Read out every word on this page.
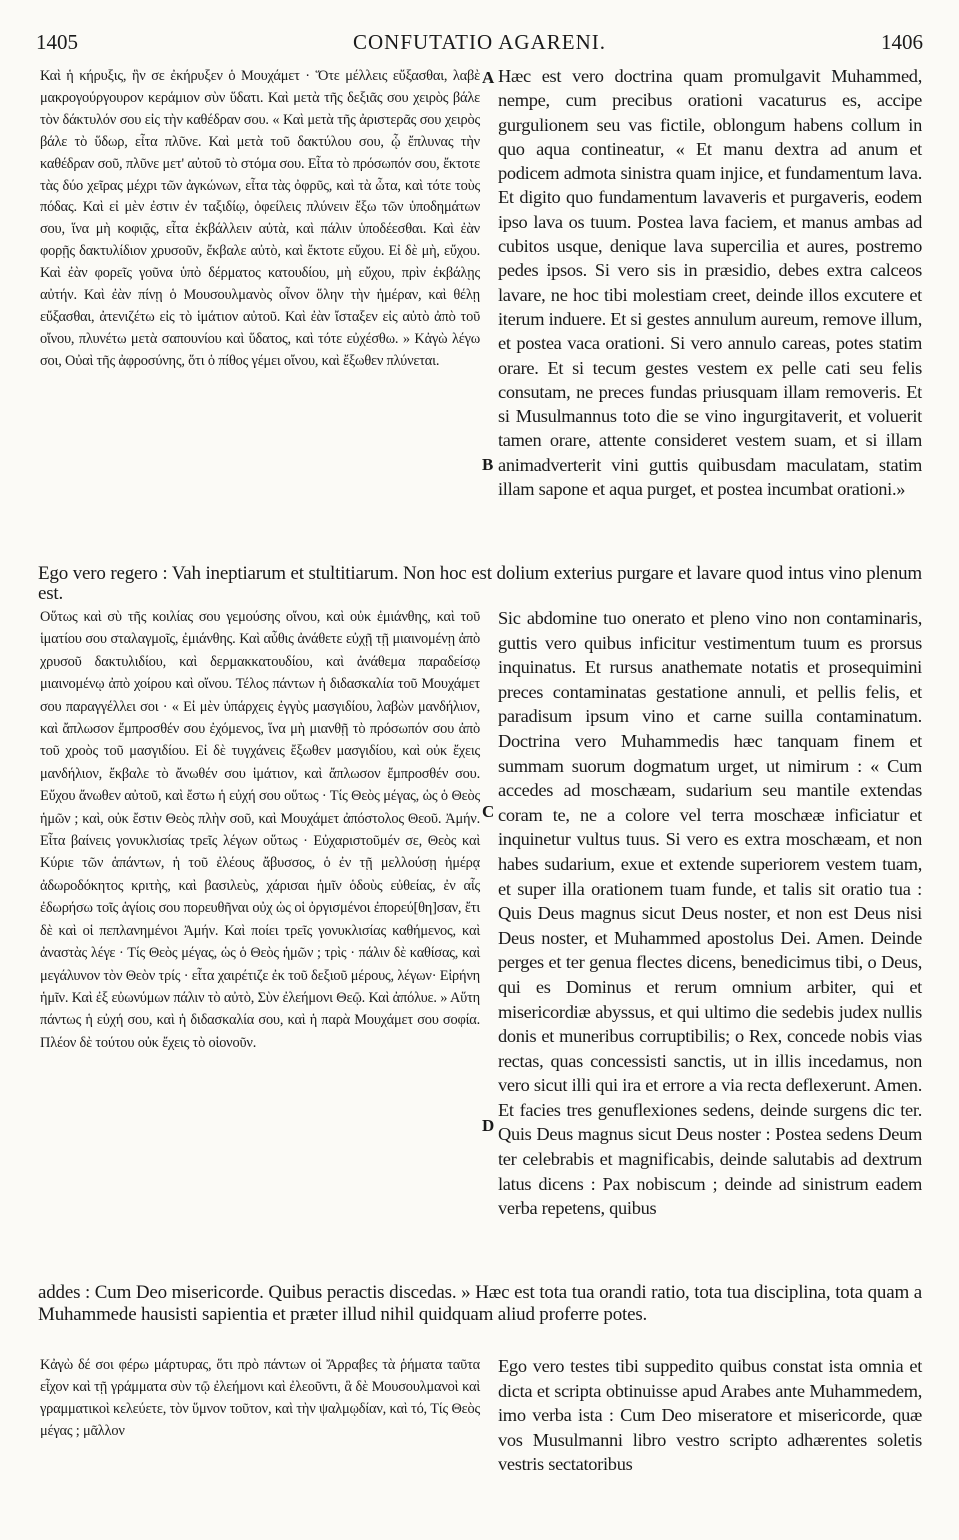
1405	CONFUTATIO AGARENI.	1406
A
B
C
D
Καὶ ἡ κήρυξις, ἣν σε ἐκήρυξεν ὁ Μουχάμετ · Ὅτε μέλλεις εὔξασθαι, λαβὲ μακρογούργουρον κεράμιον σὺν ὕδατι. Καὶ μετὰ τῆς δεξιᾶς σου χειρὸς βάλε τὸν δάκτυλόν σου εἰς τὴν καθέδραν σου. « Καὶ μετὰ τῆς ἀριστερᾶς σου χειρὸς βάλε τὸ ὕδωρ, εἶτα πλῦνε. Καὶ μετὰ τοῦ δακτύλου σου, ᾧ ἔπλυνας τὴν καθέδραν σοῦ, πλῦνε μετ' αὐτοῦ τὸ στόμα σου. Εἶτα τὸ πρόσωπόν σου, ἔκτοτε τὰς δύο χεῖρας μέχρι τῶν ἀγκώνων, εἶτα τὰς ὀφρῦς, καὶ τὰ ὦτα, καὶ τότε τοὺς πόδας. Καὶ εἰ μὲν ἐστιν ἐν ταξιδίῳ, ὀφείλεις πλύνειν ἔξω τῶν ὑποδημάτων σου, ἵνα μὴ κοφιᾷς, εἶτα ἐκβάλλειν αὐτὰ, καὶ πάλιν ὑποδέεσθαι. Καὶ ἐὰν φορῇς δακτυλίδιον χρυσοῦν, ἔκβαλε αὐτὸ, καὶ ἔκτοτε εὔχου. Εἰ δὲ μὴ, εὔχου. Καὶ ἐὰν φορεῖς γοῦνα ὑπὸ δέρματος κατουδίου, μὴ εὔχου, πρὶν ἐκβάλῃς αὐτήν. Καὶ ἐὰν πίνῃ ὁ Μουσουλμανὸς οἶνον ὅλην τὴν ἡμέραν, καὶ θέλῃ εὔξασθαι, ἀτενιζέτω εἰς τὸ ἱμάτιον αὐτοῦ. Καὶ ἐὰν ἴσταξεν εἰς αὐτὸ ἀπὸ τοῦ οἴνου, πλυνέτω μετὰ σαπουνίου καὶ ὕδατος, καὶ τότε εὐχέσθω. » Κἀγὼ λέγω σοι, Οὐαὶ τῆς ἀφροσύνης, ὅτι ὁ πίθος γέμει οἴνου, καὶ ἔξωθεν πλύνεται.
Hæc est vero doctrina quam promulgavit Muhammed, nempe, cum precibus orationi vacaturus es, accipe gurgulionem seu vas fictile, oblongum habens collum in quo aqua contineatur, « Et manu dextra ad anum et podicem admota sinistra quam injice, et fundamentum lava. Et digito quo fundamentum lavaveris et purgaveris, eodem ipso lava os tuum. Postea lava faciem, et manus ambas ad cubitos usque, denique lava supercilia et aures, postremo pedes ipsos. Si vero sis in præsidio, debes extra calceos lavare, ne hoc tibi molestiam creet, deinde illos excutere et iterum induere. Et si gestes annulum aureum, remove illum, et postea vaca orationi. Si vero annulo careas, potes statim orare. Et si tecum gestes vestem ex pelle cati seu felis consutam, ne preces fundas priusquam illam removeris. Et si Musulmannus toto die se vino ingurgitaverit, et voluerit tamen orare, attente consideret vestem suam, et si illam animadverterit vini guttis quibusdam maculatam, statim illam sapone et aqua purget, et postea incumbat orationi.»
Ego vero regero : Vah ineptiarum et stultitiarum. Non hoc est dolium exterius purgare et lavare quod intus vino plenum est.
Οὕτως καὶ σὺ τῆς κοιλίας σου γεμούσης οἴνου, καὶ οὐκ ἐμιάνθης, καὶ τοῦ ἱματίου σου σταλαγμοῖς, ἐμιάνθης. Καὶ αὖθις ἀνάθετε εὐχῇ τῇ μιαινομένῃ ἀπὸ χρυσοῦ δακτυλιδίου, καὶ δερμακκατουδίου, καὶ ἀνάθεμα παραδείσῳ μιαινομένῳ ἀπὸ χοίρου καὶ οἴνου. Τέλος πάντων ἡ διδασκαλία τοῦ Μουχάμετ σου παραγγέλλει σοι · « Εἰ μὲν ὑπάρχεις ἐγγὺς μασγιδίου, λαβὼν μανδήλιον, καὶ ἄπλωσον ἔμπροσθέν σου ἐχόμενος, ἵνα μὴ μιανθῇ τὸ πρόσωπόν σου ἀπὸ τοῦ χροὸς τοῦ μασγιδίου. Εἰ δὲ τυγχάνεις ἔξωθεν μασγιδίου, καὶ οὐκ ἔχεις μανδήλιον, ἔκβαλε τὸ ἄνωθέν σου ἱμάτιον, καὶ ἄπλωσον ἔμπροσθέν σου. Εὔχου ἄνωθεν αὐτοῦ, καὶ ἔστω ἡ εὐχή σου οὕτως · Τίς Θεὸς μέγας, ὡς ὁ Θεὸς ἡμῶν ; καὶ, οὐκ ἔστιν Θεὸς πλὴν σοῦ, καὶ Μουχάμετ ἀπόστολος Θεοῦ. Ἀμήν. Εἶτα βαίνεις γονυκλισίας τρεῖς λέγων οὕτως · Εὐχαριστοῦμέν σε, Θεὸς καὶ Κύριε τῶν ἁπάντων, ἡ τοῦ ἐλέους ἄβυσσος, ὁ ἐν τῇ μελλούσῃ ἡμέρᾳ ἀδωροδόκητος κριτὴς, καὶ βασιλεὺς, χάρισαι ἡμῖν ὁδοὺς εὐθείας, ἐν αἷς ἐδωρήσω τοῖς ἁγίοις σου πορευθῆναι οὐχ ὡς οἱ ὀργισμένοι ἐπορεύ[θη]σαν, ἔτι δὲ καὶ οἱ πεπλανημένοι Ἀμήν. Καὶ ποίει τρεῖς γονυκλισίας καθήμενος, καὶ ἀναστὰς λέγε · Τίς Θεὸς μέγας, ὡς ὁ Θεὸς ἡμῶν ; τρὶς · πάλιν δὲ καθίσας, καὶ μεγάλυνον τὸν Θεὸν τρίς · εἶτα χαιρέτιζε ἐκ τοῦ δεξιοῦ μέρους, λέγων· Εἰρήνη ἡμῖν. Καὶ ἐξ εὐωνύμων πάλιν τὸ αὐτὸ, Σὺν ἐλεήμονι Θεῷ. Καὶ ἀπόλυε. » Αὕτη πάντως ἡ εὐχή σου, καὶ ἡ διδασκαλία σου, καὶ ἡ παρὰ Μουχάμετ σου σοφία. Πλέον δὲ τούτου οὐκ ἔχεις τὸ οἱονοῦν.
Sic abdomine tuo onerato et pleno vino non contaminaris, guttis vero quibus inficitur vestimentum tuum es prorsus inquinatus. Et rursus anathemate notatis et prosequimini preces contaminatas gestatione annuli, et pellis felis, et paradisum ipsum vino et carne suilla contaminatum. Doctrina vero Muhammedis hæc tanquam finem et summam suorum dogmatum urget, ut nimirum : « Cum accedes ad moschæam, sudarium seu mantile extendas coram te, ne a colore vel terra moschææ inficiatur et inquinetur vultus tuus. Si vero es extra moschæam, et non habes sudarium, exue et extende superiorem vestem tuam, et super illa orationem tuam funde, et talis sit oratio tua : Quis Deus magnus sicut Deus noster, et non est Deus nisi Deus noster, et Muhammed apostolus Dei. Amen. Deinde perges et ter genua flectes dicens, benedicimus tibi, o Deus, qui es Dominus et rerum omnium arbiter, qui et misericordiæ abyssus, et qui ultimo die sedebis judex nullis donis et muneribus corruptibilis; o Rex, concede nobis vias rectas, quas concessisti sanctis, ut in illis incedamus, non vero sicut illi qui ira et errore a via recta deflexerunt. Amen. Et facies tres genuflexiones sedens, deinde surgens dic ter. Quis Deus magnus sicut Deus noster : Postea sedens Deum ter celebrabis et magnificabis, deinde salutabis ad dextrum latus dicens : Pax nobiscum ; deinde ad sinistrum eadem verba repetens, quibus
addes : Cum Deo misericorde. Quibus peractis discedas. » Hæc est tota tua orandi ratio, tota tua disciplina, tota quam a Muhammede hausisti sapientia et præter illud nihil quidquam aliud proferre potes.
Κἀγὼ δέ σοι φέρω μάρτυρας, ὅτι πρὸ πάντων οἱ Ἄρραβες τὰ ῥήματα ταῦτα εἶχον καὶ τῇ γράμματα σὺν τῷ ἐλεήμονι καὶ ἐλεοῦντι, ἃ δὲ Μουσουλμανοὶ καὶ γραμματικοὶ κελεύετε, τὸν ὕμνον τοῦτον, καὶ τὴν ψαλμῳδίαν, καὶ τό, Τίς Θεὸς μέγας ; μᾶλλον
Ego vero testes tibi suppedito quibus constat ista omnia et dicta et scripta obtinuisse apud Arabes ante Muhammedem, imo verba ista : Cum Deo miseratore et misericorde, quæ vos Musulmanni libro vestro scripto adhærentes soletis vestris sectatoribus
